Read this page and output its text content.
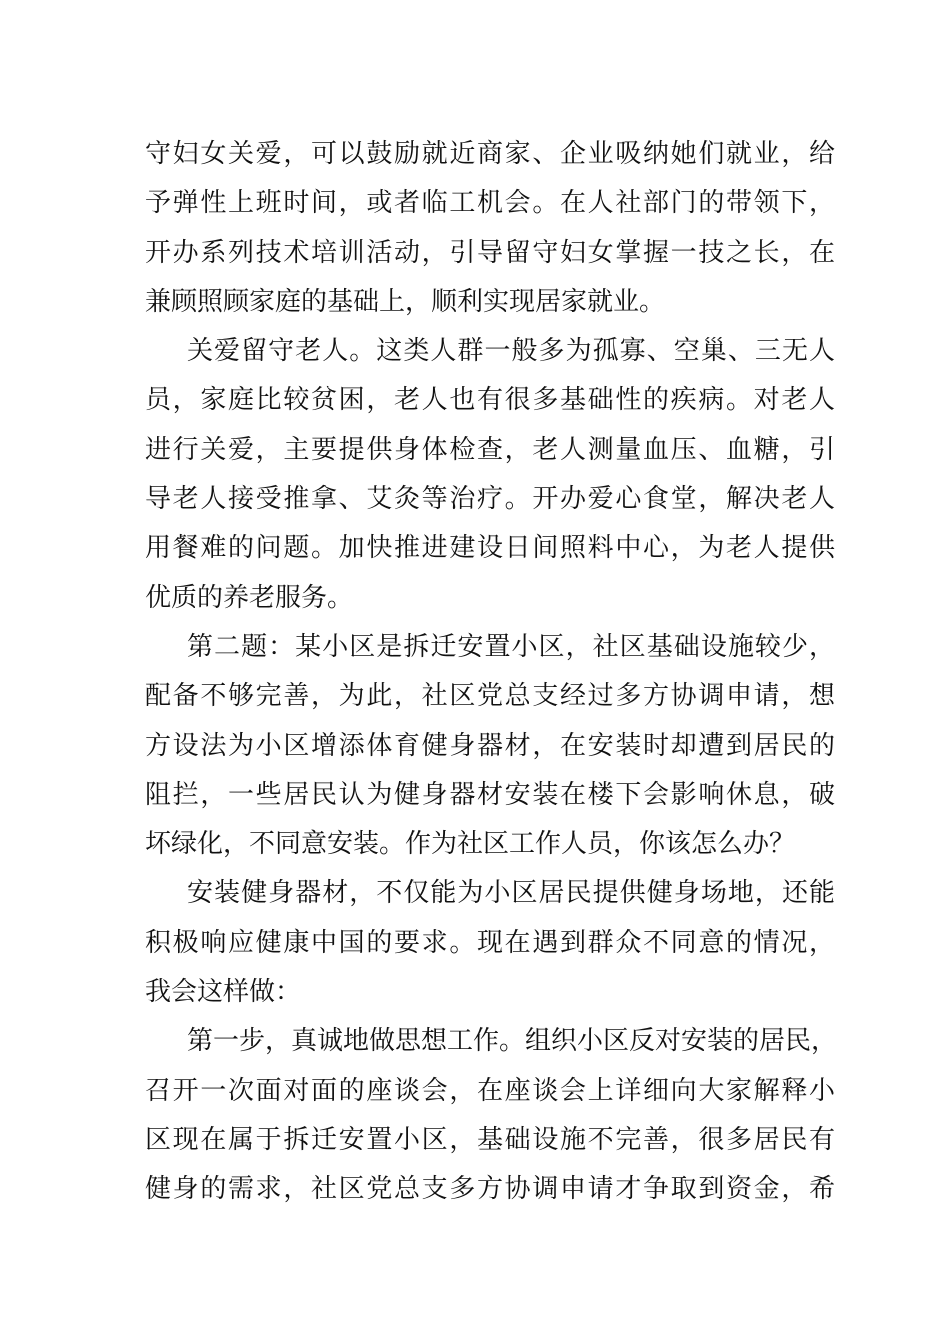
守妇女关爱，可以鼓励就近商家、企业吸纳她们就业，给
予弹性上班时间，或者临工机会。在人社部门的带领下，
开办系列技术培训活动，引导留守妇女掌握一技之长，在
兼顾照顾家庭的基础上，顺利实现居家就业。
关爱留守老人。这类人群一般多为孤寡、空巢、三无人
员，家庭比较贫困，老人也有很多基础性的疾病。对老人
进行关爱，主要提供身体检查，老人测量血压、血糖，引
导老人接受推拿、艾灸等治疗。开办爱心食堂，解决老人
用餐难的问题。加快推进建设日间照料中心，为老人提供
优质的养老服务。
第二题：某小区是拆迁安置小区，社区基础设施较少，
配备不够完善，为此，社区党总支经过多方协调申请，想
方设法为小区增添体育健身器材，在安装时却遭到居民的
阻拦，一些居民认为健身器材安装在楼下会影响休息，破
坏绿化，不同意安装。作为社区工作人员，你该怎么办？
安装健身器材，不仅能为小区居民提供健身场地，还能
积极响应健康中国的要求。现在遇到群众不同意的情况，
我会这样做：
第一步，真诚地做思想工作。组织小区反对安装的居民，
召开一次面对面的座谈会，在座谈会上详细向大家解释小
区现在属于拆迁安置小区，基础设施不完善，很多居民有
健身的需求，社区党总支多方协调申请才争取到资金，希
